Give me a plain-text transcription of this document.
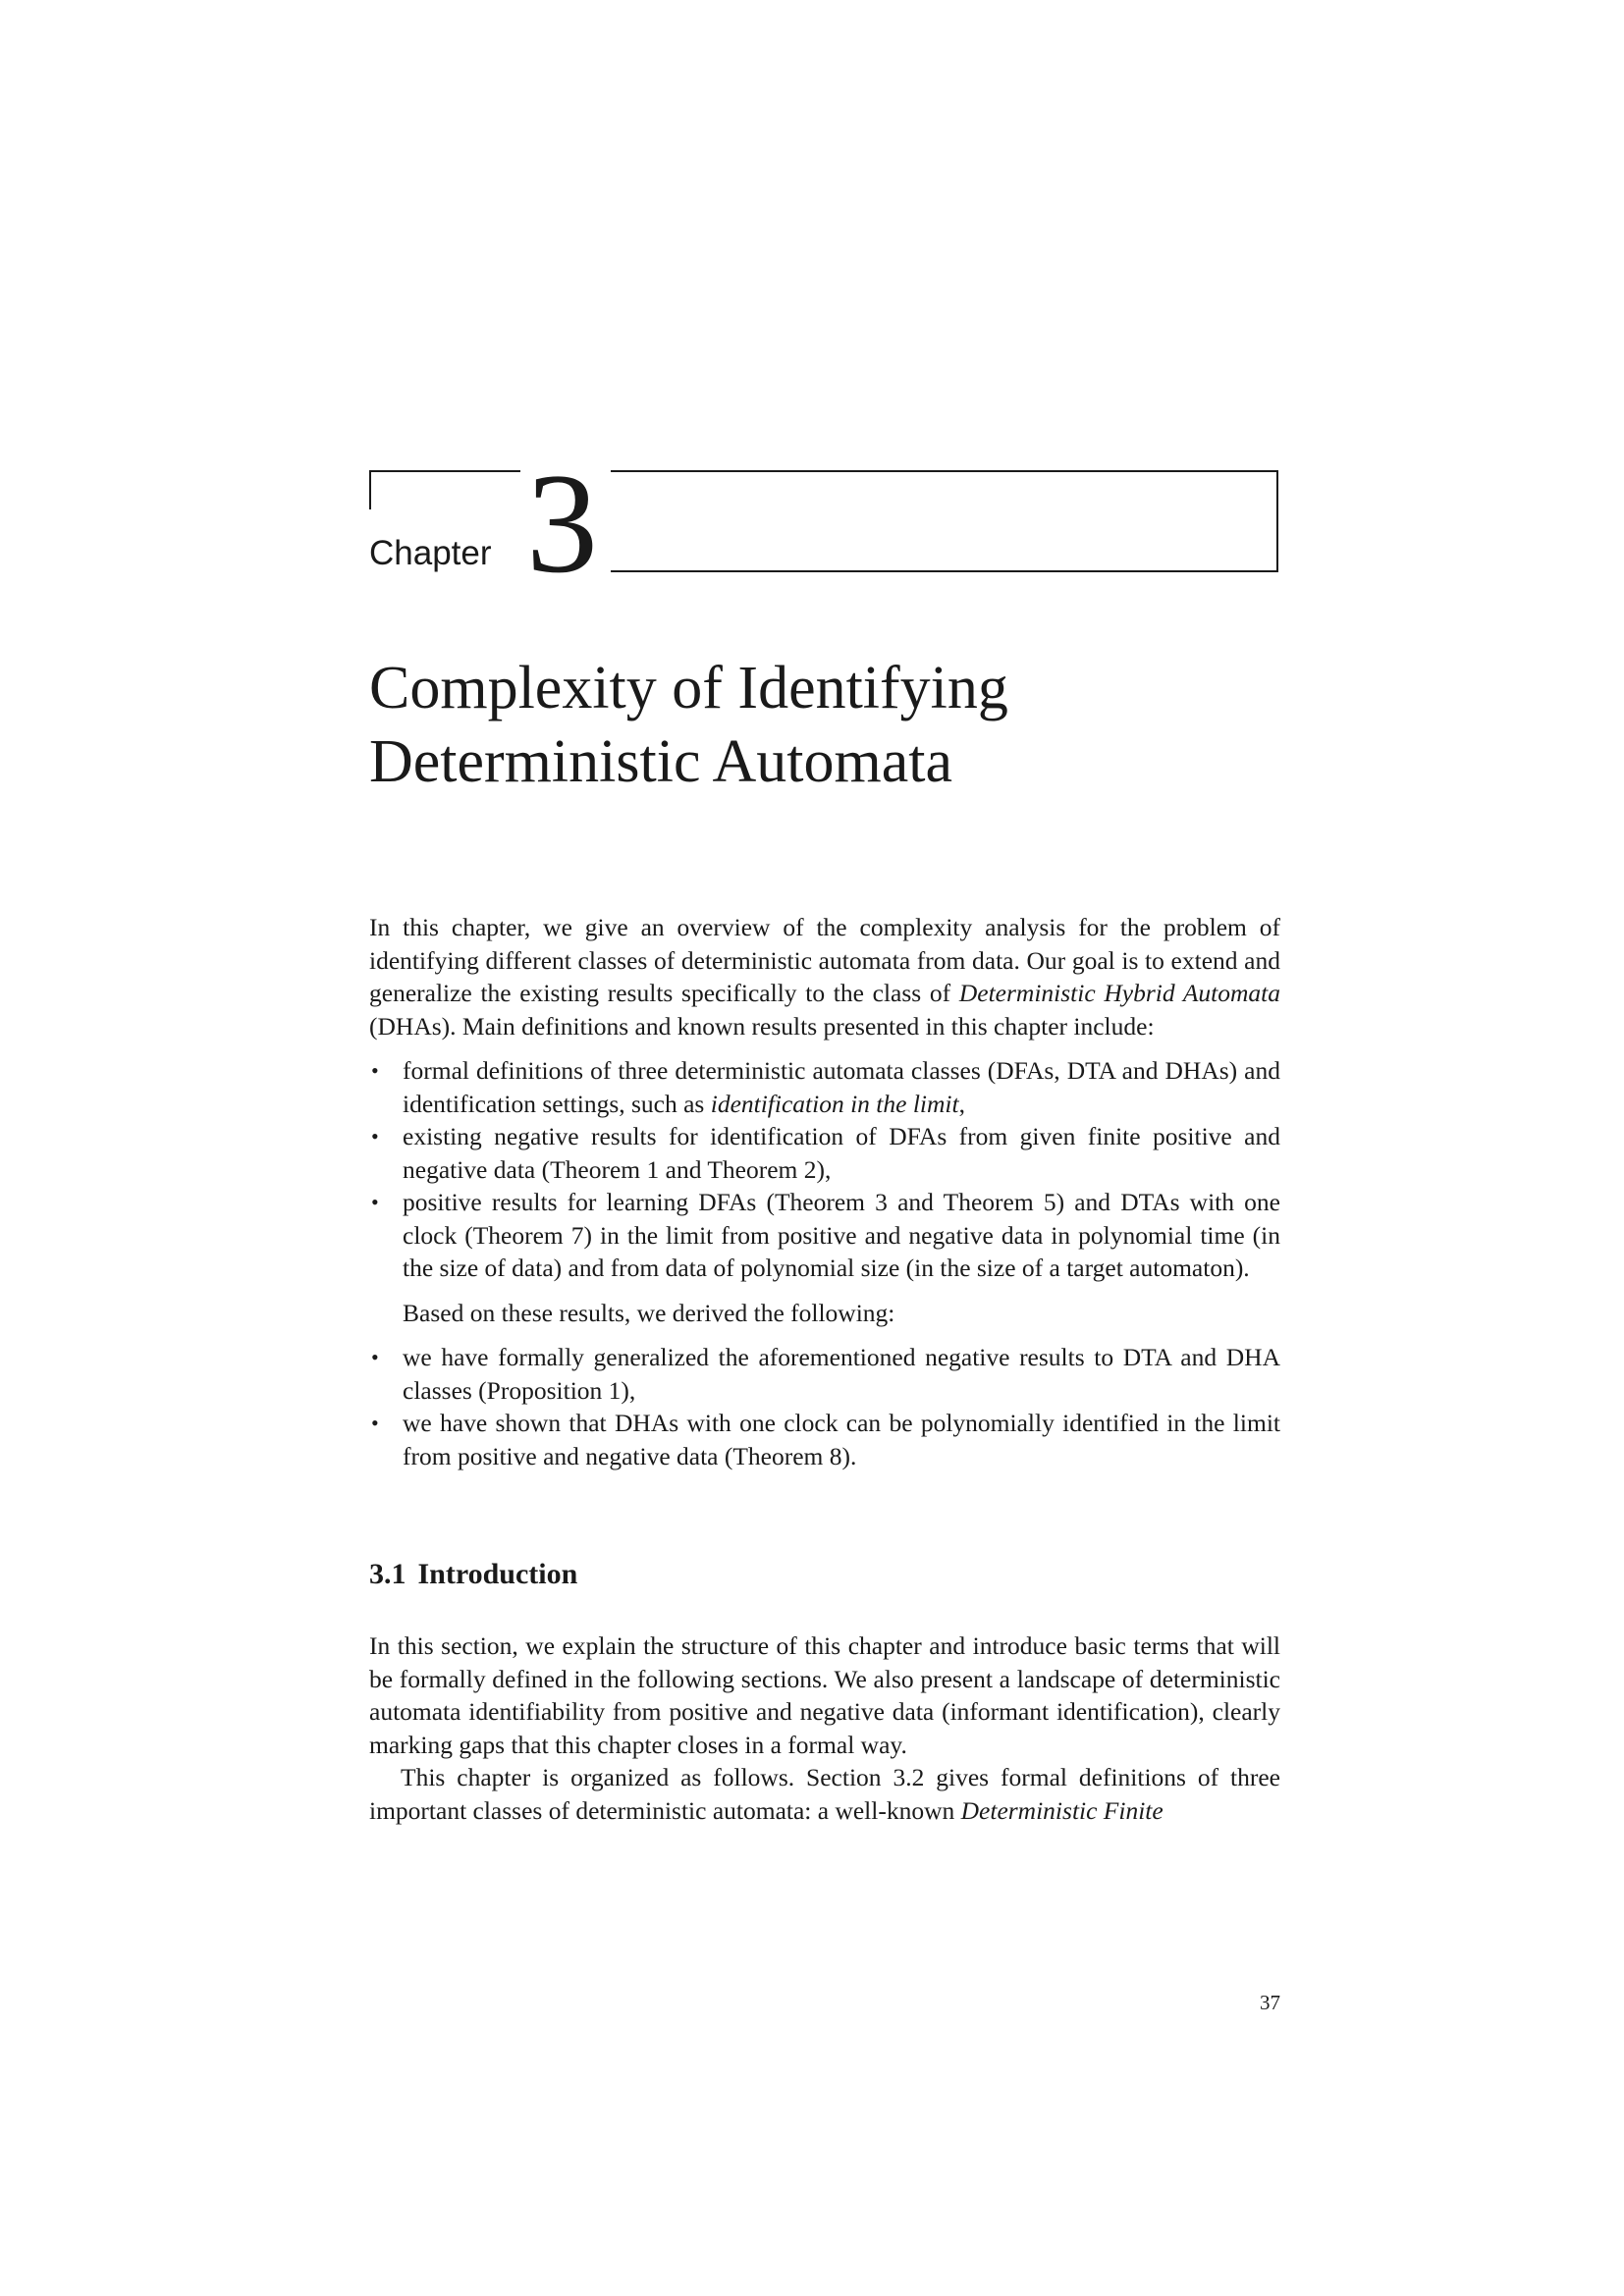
Chapter 3
Complexity of Identifying
Deterministic Automata

In this chapter, we give an overview of the complexity analysis for the problem of identifying different classes of deterministic automata from data. Our goal is to extend and generalize the existing results specifically to the class of Deterministic Hybrid Automata (DHAs). Main definitions and known results presented in this chapter include:

• formal definitions of three deterministic automata classes (DFAs, DTA and DHAs) and identification settings, such as identification in the limit,
• existing negative results for identification of DFAs from given finite positive and negative data (Theorem 1 and Theorem 2),
• positive results for learning DFAs (Theorem 3 and Theorem 5) and DTAs with one clock (Theorem 7) in the limit from positive and negative data in polynomial time (in the size of data) and from data of polynomial size (in the size of a target automaton).

Based on these results, we derived the following:

• we have formally generalized the aforementioned negative results to DTA and DHA classes (Proposition 1),
• we have shown that DHAs with one clock can be polynomially identified in the limit from positive and negative data (Theorem 8).
3.1 Introduction

In this section, we explain the structure of this chapter and introduce basic terms that will be formally defined in the following sections. We also present a landscape of deterministic automata identifiability from positive and negative data (informant identification), clearly marking gaps that this chapter closes in a formal way.

This chapter is organized as follows. Section 3.2 gives formal definitions of three important classes of deterministic automata: a well-known Deterministic Finite

37
